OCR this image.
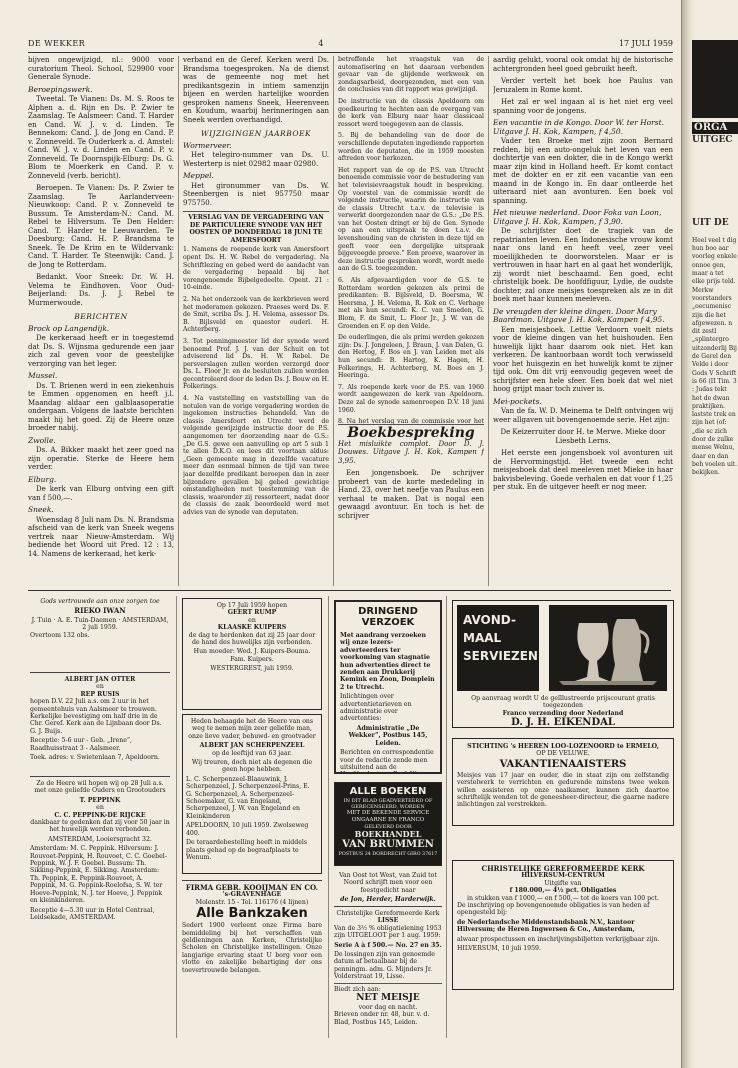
DE WEKKER	4	17 JULI 1959

bijven ongewijzigd, nl.: 9000 voor curatorium Theol. School, 529900 voor Generale Synode.

Beroepingswerk.

Tweetal. Te Vianen: Ds. M. S. Roos te Alphen a. d. Rijn en Ds. P. Zwier te Zaamslag. Te Aalsmeer: Cand. T. Harder en Cand. W. J. v. d. Linden. Te Bennekom: Cand. J. de Jong en Cand. P. v. Zonneveld. Te Ouderkerk a. d. Amstel: Cand. W. J. v. d. Linden en Cand. P. v. Zonneveld. Te Doornspijk-Elburg: Ds. G. Blom te Moerkerk en Cand. P. v. Zonneveld (verb. bericht).

Beroepen. Te Vianen: Ds. P. Zwier te Zaamslag. Te Aarlanderveen-Nieuwkoop: Cand. P. v. Zonneveld te Bussum. Te Amsterdam-N.: Cand. M. Rebel te Hilversum. Te Den Helder: Cand. T. Harder te Leeuwarden. Te Doesburg: Cand. H. P. Brandsma te Sneek. Te De Krim en te Wildervank: Cand. T. Harder. Te Steenwijk: Cand. J. de Jong te Rotterdam.

Bedankt. Voor Sneek: Dr. W. H. Velema te Eindhoven. Voor Oud-Beijerland: Ds. J. J. Rebel te Murmerwoude.

BERICHTEN
Brock op Langendijk.

De kerkeraad heeft er in toegestemd dat Ds. S. Wijnsma gedurende een jaar zich zal geven voor de geestelijke verzorging van het leger.

Mussel.

Ds. T. Brienen werd in een ziekenhuis te Emmen opgenomen en heeft j.l. Maandag aldaar een galblaasoperatie ondergaan. Volgens de laatste berichten maakt hij het goed. Zij de Heere onze broeder nabij.

Zwolle.

Ds. A. Bikker maakt het zeer goed na zijn operatie. Sterke de Heere hem verder.

Elburg.

De kerk van Elburg ontving een gift van f 500,—.

Sneek.

Woensdag 8 Juli nam Ds. N. Brandsma afscheid van de kerk van Sneek wegens vertrek naar Nieuw-Amsterdam. Wij bediende het Woord uit Pred. 12 : 13, 14. Namens de kerkeraad, het kerk-

verband en de Geref. Kerken werd Ds. Brandsma toegesproken. Na de dienst was de gemeente nog met het predikantsgezin in intiem samenzijn bijeen en werden hartelijke woorden gesproken namens Sneek, Heerenveen en Koudum, waarbij herinneringen aan Sneek werden overhandigd.

WIJZIGINGEN JAARBOEK
Wormerveer.

Het telegiro-nummer van Ds. U. Westerterp is niet 02982 maar 02980.

Meppel.

Het gironummer van Ds. W. Steenbergen is niet 957750 maar 975750.

VERSLAG VAN DE VERGADERING VAN DE PARTICULIERE SYNODE VAN HET OOSTEN OP DONDERDAG 18 JUNI TE AMERSFOORT

1. Namens de roepende kerk van Amersfoort opent Ds. H. W. Rebel de vergadering. Na Schriftlezing en gebed werd de aandacht van de vergadering bepaald bij het vorengenoemde Bijbelgedeelte. Opent. 21 : 10-einde.

2. Na het onderzoek van de kerkbrieven werd het moderamen gekozen. Praeses werd Ds. F. de Smit, scriba Ds. J. H. Velema, assessor Ds. B. Bijlsveld en quaestor ouderl. H. Achterberg.

3. Tot penningmeester lid der synode werd benoemd Prof. J. J. van der Schuit en tot adviserend lid Ds. H. W. Rebel. De persverslagen zullen worden verzorgd door Ds. L. Floor Jr. en de besluiten zullen worden gecontroleerd door de leden Ds. J. Bouw en H. Folkerings.

4. Na vaststelling en vaststelling van de notulen van de vorige vergadering worden de ingekomen instructies behandeld. Van de classis Amersfoort en Utrecht werd de volgende gewijzigde instructie door de P.S. aangenomen ter doorzending naar de G.S.: „De G.S. gewe een aanvulling op art 5 sub 1 te allen D.K.O. en lees dit voortaan aldus: „Geen gemeente mag in dezelfde vacature meer dan eenmaal binnen de tijd van twee jaar dezelfde predikant beroepen dan in zeer bijzondere gevallen bij gebed gewichtige omstandigheden met toestemming van de classis, waaronder zij ressorteert, nadat door de classis de zaak beoordeeld werd met advies van de synode van deputaten.

betreffende het vraagstuk van de automatisering en het daaraan verbonden gevaar van de glijdende werkweek en zondagsarbeid, doorgezonden, met een van de conclusies van dit rapport was gewijzigd.

De instructie van de classis Apeldoorn om goedkeuring te hechten aan de overgang van de kerk van Elburg naar haar classicaal ressort werd toegegeven aan de classis.

5. Bij de behandeling van de door de verschillende deputaten ingediende rapporten worden de deputaten, die in 1959 moesten aftreden voor herkozen.

Het rapport van de op de P.S. van Utrecht benoemde commissie voor de bestudering van het televisievraagstuk houdt in bespreking. Op voorstel van de commissie wordt de volgende instructie, waarin de instructie van de classis Utrecht t.a.v. de televisie is verwerkt doorgezonden naar de G.S.: „De P.S. van het Oosten dringt er bij de Gen. Synode op aan een uitspraak te doen t.a.v. de levenshouding van de christen in deze tijd en geeft voor een dergelijke uitspraak bijgevoegde proeve.” Een proeve, waarover in deze instructie gesproken wordt, wordt mede aan de G.S. toegezonden.

6. Als afgevaardigden voor de G.S. te Rotterdam worden gekozen als primi de predikanten: B. Bijlsveld, D. Boersma, W. Heersma, J. H. Velema, R. Kok en C. Verhage met als hun secundi: K. C. van Smeden, G. Blom, F. de Smit, L. Floor Jr., J. W. van de Groenden en F. op den Velde.

De ouderlingen, die als primi werden gekozen zijn: Ds. J. Jongeleen, J. Braun, J. van Dalen, G. den Hertog, F. Bos en J. van Leiden met als hun secundi: B. Hartog, K. Hagen, H. Folkerings, H. Achterberg, M. Boes en J. Heeringa.

7. Als roepende kerk voor de P.S. van 1960 wordt aangewezen de kerk van Apeldoorn. Deze zal de synode samenroepen D.V. 18 juni 1960.

8. Na het verslag van de commissie voor het

Boekbespreking

Het misluikte complot. Door D. J. Douwes. Uitgave J. H. Kok, Kampen f 3,95.

Een jongensboek. De schrijver probeert van de korte mededeling in Hand. 23, over het neefje van Paulus een verhaal te maken. Dat is nogal een gewaagd avontuur. En toch is het de schrijver

aardig gelukt, vooral ook omdat hij de historische achtergronden heel goed gebruikt heeft.

Verder vertelt het boek hoe Paulus van Jeruzalem in Rome komt.

Het zal er wel ingaan al is het niet erg veel spanning voor de jongens.

Een vacantie in de Kongo. Door W. ter Horst. Uitgave J. H. Kok, Kampen, f 4,50.

Vader ten Broeke met zijn zoon Bernard redden, bij een auto-ongeluk het leven van een dochtertje van een dokter, die in de Kongo werkt maar zijn kind in Holland heeft. Er komt contact met de dokter en er zit een vacantie van een maand in de Kongo in. En daar ontleerde het uiteraard niet aan avonturen. Een boek vol spanning.

Het nieuwe nederland. Door Foka van Loon, Uitgave J. H. Kok, Kampen, f 3,90.

De schrijfster doet de tragiek van de repatrianten leven. Een Indonesische vrouw komt naar ons land en heeft veel, zeer veel moeilijkheden te doorworstelen. Maar er is vertrouwen in haar hart en al gaat het wonderlijk, zij wordt niet beschaamd. Een goed, echt christelijk boek. De hoofdfiguur, Lydie, de oudste dochter, zal onze meisjes toespreken als ze in dit boek met haar kunnen meeleven.

De vreugden der kleine dingen. Door Mary Baardman. Uitgave J. H. Kok, Kampen f 4,95.

Een meisjesboek. Lettie Verdoorn voelt niets voor de kleine dingen van het huishouden. Een huwelijk lijkt haar daarom ook niet. Het kan verkeren. De kantoorbaan wordt toch verwisseld voor het huisgezin en het huwelijk komt te zijner tijd ook. Om dit vrij eenvoudig gegeven weet de schrijfster een hele sfeer. Een boek dat wel niet hoog grijpt maar toch zuiver is.

Mei-pockets.

Van de fa. W. D. Meinema te Delft ontvingen wij weer allgaven uit bovengenoemde serie. Het zijn:

De Keizerruiter door H. te Merwe. Mieke door Liesbeth Lerns.

Het eerste een jongensboek vol avonturen uit de Hervormingstijd. Het tweede een echt meisjesboek dat deel meeleven met Mieke in haar bakvisbeleving. Goede verhalen en dat voor f 1,25 per stuk. En de uitgever heeft er nog meer.

Gods vertrouwde aan onze zorgen toe
RIEKO IWAN
J. Tuin · A. E. Tuin-Daemen · AMSTERDAM, 2 juli 1959.
Overtoom 132 obs.
ALBERT JAN OTTER
en
REP RUSIS

hopen D.V. 22 Juli a.s. om 2 uur in het gemeentehuis van Aalsmeer te trouwen. Kerkelijke bevestiging om half drie in de Chr. Geref. Kerk aan de Lijnbaan door Ds. G. J. Buijs.

Receptie: 5-6 uur - Geb. „Irene”, Raadhuisstraat 3 - Aalsmeer.

Toek. adres: v. Swietenlaan 7, Apeldoorn.

Zo de Heere wil hopen wij op 28 Juli a.s. met onze geliefde Ouders en Grootouders

T. PEPPINK
en
C. C. PEPPINK-DE RIJCKE

dankbaar te gedenken dat zij voor 50 jaar in het huwelijk werden verbonden.

AMSTERDAM, Looiersgracht 32.

Amsterdam: M. C. Peppink. Hilversum: J. Rouvoet-Peppink, H. Rouvoet, C. C. Goebel-Peppink, W. J. F. Goebel. Bussum: Th. Sikking-Peppink, E. Sikking. Amsterdam: Th. Peppink, E. Peppink-Rouvoet, A. Peppink, M. G. Peppink-Roelofsa, S. W. ter Hoeve-Peppink, N. J. ter Hoeve, J. Peppink en kleinkinderen.

Receptie 4—5.30 uur in Hotel Centraal, Leidsekade, AMSTERDAM.

Op 17 Juli 1959 hopen
GEERT RUMP
en
KLAASKE KUIPERS

de dag te herdenken dat zij 25 jaar door de hand des huwelijks zijn verbonden.

Hun moeder: Wed. J. Kuipers-Bouma. Fam. Kuipers.

WESTERGREST, juli 1959.

Heden behaagde het de Heere van ons weg te nemen mijn zeer geliefde man, onze lieve vader, behuwd- en grootvader

ALBERT JAN SCHERPENZEEL

op de leeftijd van 63 jaar.

Wij treuren, doch niet als degenen die geen hope hebben.

L. C. Scherpenzeel-Blaauwink, J. Scherpenzeel, J. Scherpenzeel-Prins, E. G. Scherpenzeel, A. Scherpenzeel-Schoemaker, G. van Engeland, Scherpenzeel, J. W. van Engeland en Kleinkinderen

APELDOORN, 10 juli 1959. Zwolseweg 400.

De teraardebestelling heeft in middels plaats gehad op de begraafplaats te Wenum.

FIRMA GEBR. KOOIJMAN EN CO.
's-GRAVENHAGE
Molenstr. 15 - Tel. 116176 (4 lijnen)
Alle Bankzaken

Sedert 1900 verleent onze Firma bare bemiddeling bij het verschaffen van geldleningen aan Kerken, Christelijke Scholen en Christelijke instellingen. Onze langjarige ervaring staat U borg voor een vlotte en zakelijke behartiging der ons toevertrouwde belangen.

DRINGEND
VERZOEK

Met aandrang verzoeken wij onze lezers-adverteerders ter voorkoming van stagnatie hun advertenties direct te zenden aan Drukkerij Kemink en Zoon, Domplein 2 te Utrecht.

Inlichtingen over advertentietarieven en administratie over advertenties:

Administratie „De Wekker”, Postbus 145, Leiden.

Berichten en correspondentie voor de redactie zende men uitsluitend aan de

ALLE BOEKEN
IN DIT BLAD GEADVERTEERD OF GERECENSEERD, WORDEN
MET DE BEKENDE SERVICE ONGAARNE EN FRANCO
GELEVERD DOOR
BOEKHANDEL
VAN BRUMMEN
POSTBUS 24 DORDRECHT GIRO 37617

Van Oost tot West, van Zuid tot Noord schrijft men voor een feestgedicht naar

de Jon, Herder, Harderwijk.

Christelijke Gereformeerde Kerk
LISSE

Van de 3½ % obligatielening 1953 zijn UITGELOOT per 1 aug. 1959:

Serie A à f 500.— No. 27 en 35.

De lossingen zijn van genoemde datum af betaalbaar bij de penningm. adm. G. Mijnders Jr. Volderstraat 19, Lisse.

Biedt zich aan:
NET MEISJE
voor dag en nacht.

Brieven onder nr. 48, bur. v. d. Blad, Postbus 145, Leiden.

AVOND-
MAAL
SERVIEZEN
Op aanvraag wordt U de geïllustreerde prijscourant gratis toegezonden
Franco verzending door Nederland
D. J. H. EIKENDAL
STICHTING 's HEEREN LOO-LOZENOORD te ERMELO,
OP DE VELUWE.
VAKANTIENAAISTERS

Meisjes van 17 jaar en ouder, die in staat zijn om zelfstandig verstelwerk te verrichten en gedurende minstens twee weken willen assisteren op onze naaikamer, kunnen zich daartoe schriftelijk wenden tot de geneesheer-directeur, die gaarne nadere inlichtingen zal verstrekken.

CHRISTELIJKE GEREFORMEERDE KERK
HILVERSUM-CENTRUM
Uitgifte van
f 180.000,— 4½ pct. Obligaties
in stukken van f 1000,— en f 500,— tot de koers van 100 pct.

De inschrijving op bovengenoemde obligaties is van heden af opengesteld bij:

de Nederlandsche Middenstandsbank N.V., kantoor Hilversum; de Heren Ingwersen & Co., Amsterdam,

alwaar prospectussen en inschrijvingsbiljetten verkrijgbaar zijn.

HILVERSUM, 10 juli 1959.

ORGA
UITGEC
UIT DE
Heel veel t dig hun boo aar voorleg enkele onnoe gen, maar a tet elke prijs teld. Merkw voorstanders „oecumenisc zijn die het afgewezen. n dit zestl „splintergro uitzonderlij Bij de Gerel den Velde i door Gods V Schrift is 66 (II Tim. 3 : Judas tekt het de dwan praktijken. lastste trek en zijn het (of: „die sc zich door de zulke mense Welnu, daar en dan beh voelen uit. bekijken.
